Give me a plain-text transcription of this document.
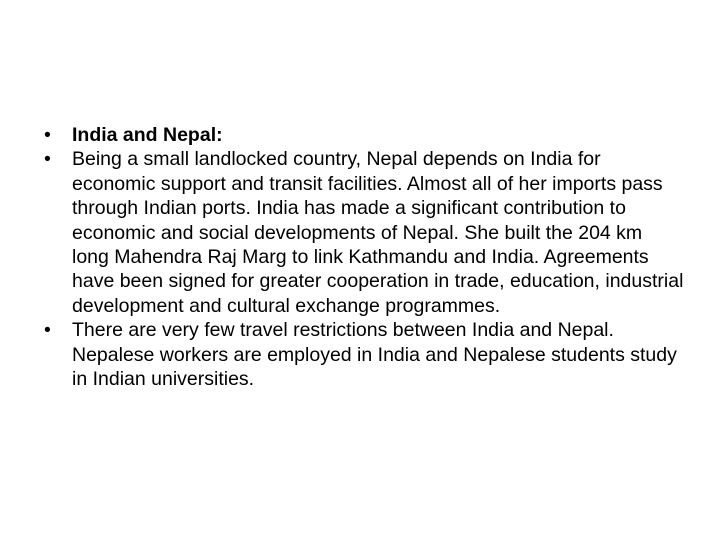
•	India and Nepal:
•	Being a small landlocked country, Nepal depends on India for economic support and transit facilities. Almost all of her imports pass through Indian ports. India has made a significant contribution to economic and social developments of Nepal. She built the 204 km long Mahendra Raj Marg to link Kathmandu and India. Agreements have been signed for greater cooperation in trade, education, industrial development and cultural exchange programmes.
•	There are very few travel restrictions between India and Nepal. Nepalese workers are employed in India and Nepalese students study in Indian universities.
